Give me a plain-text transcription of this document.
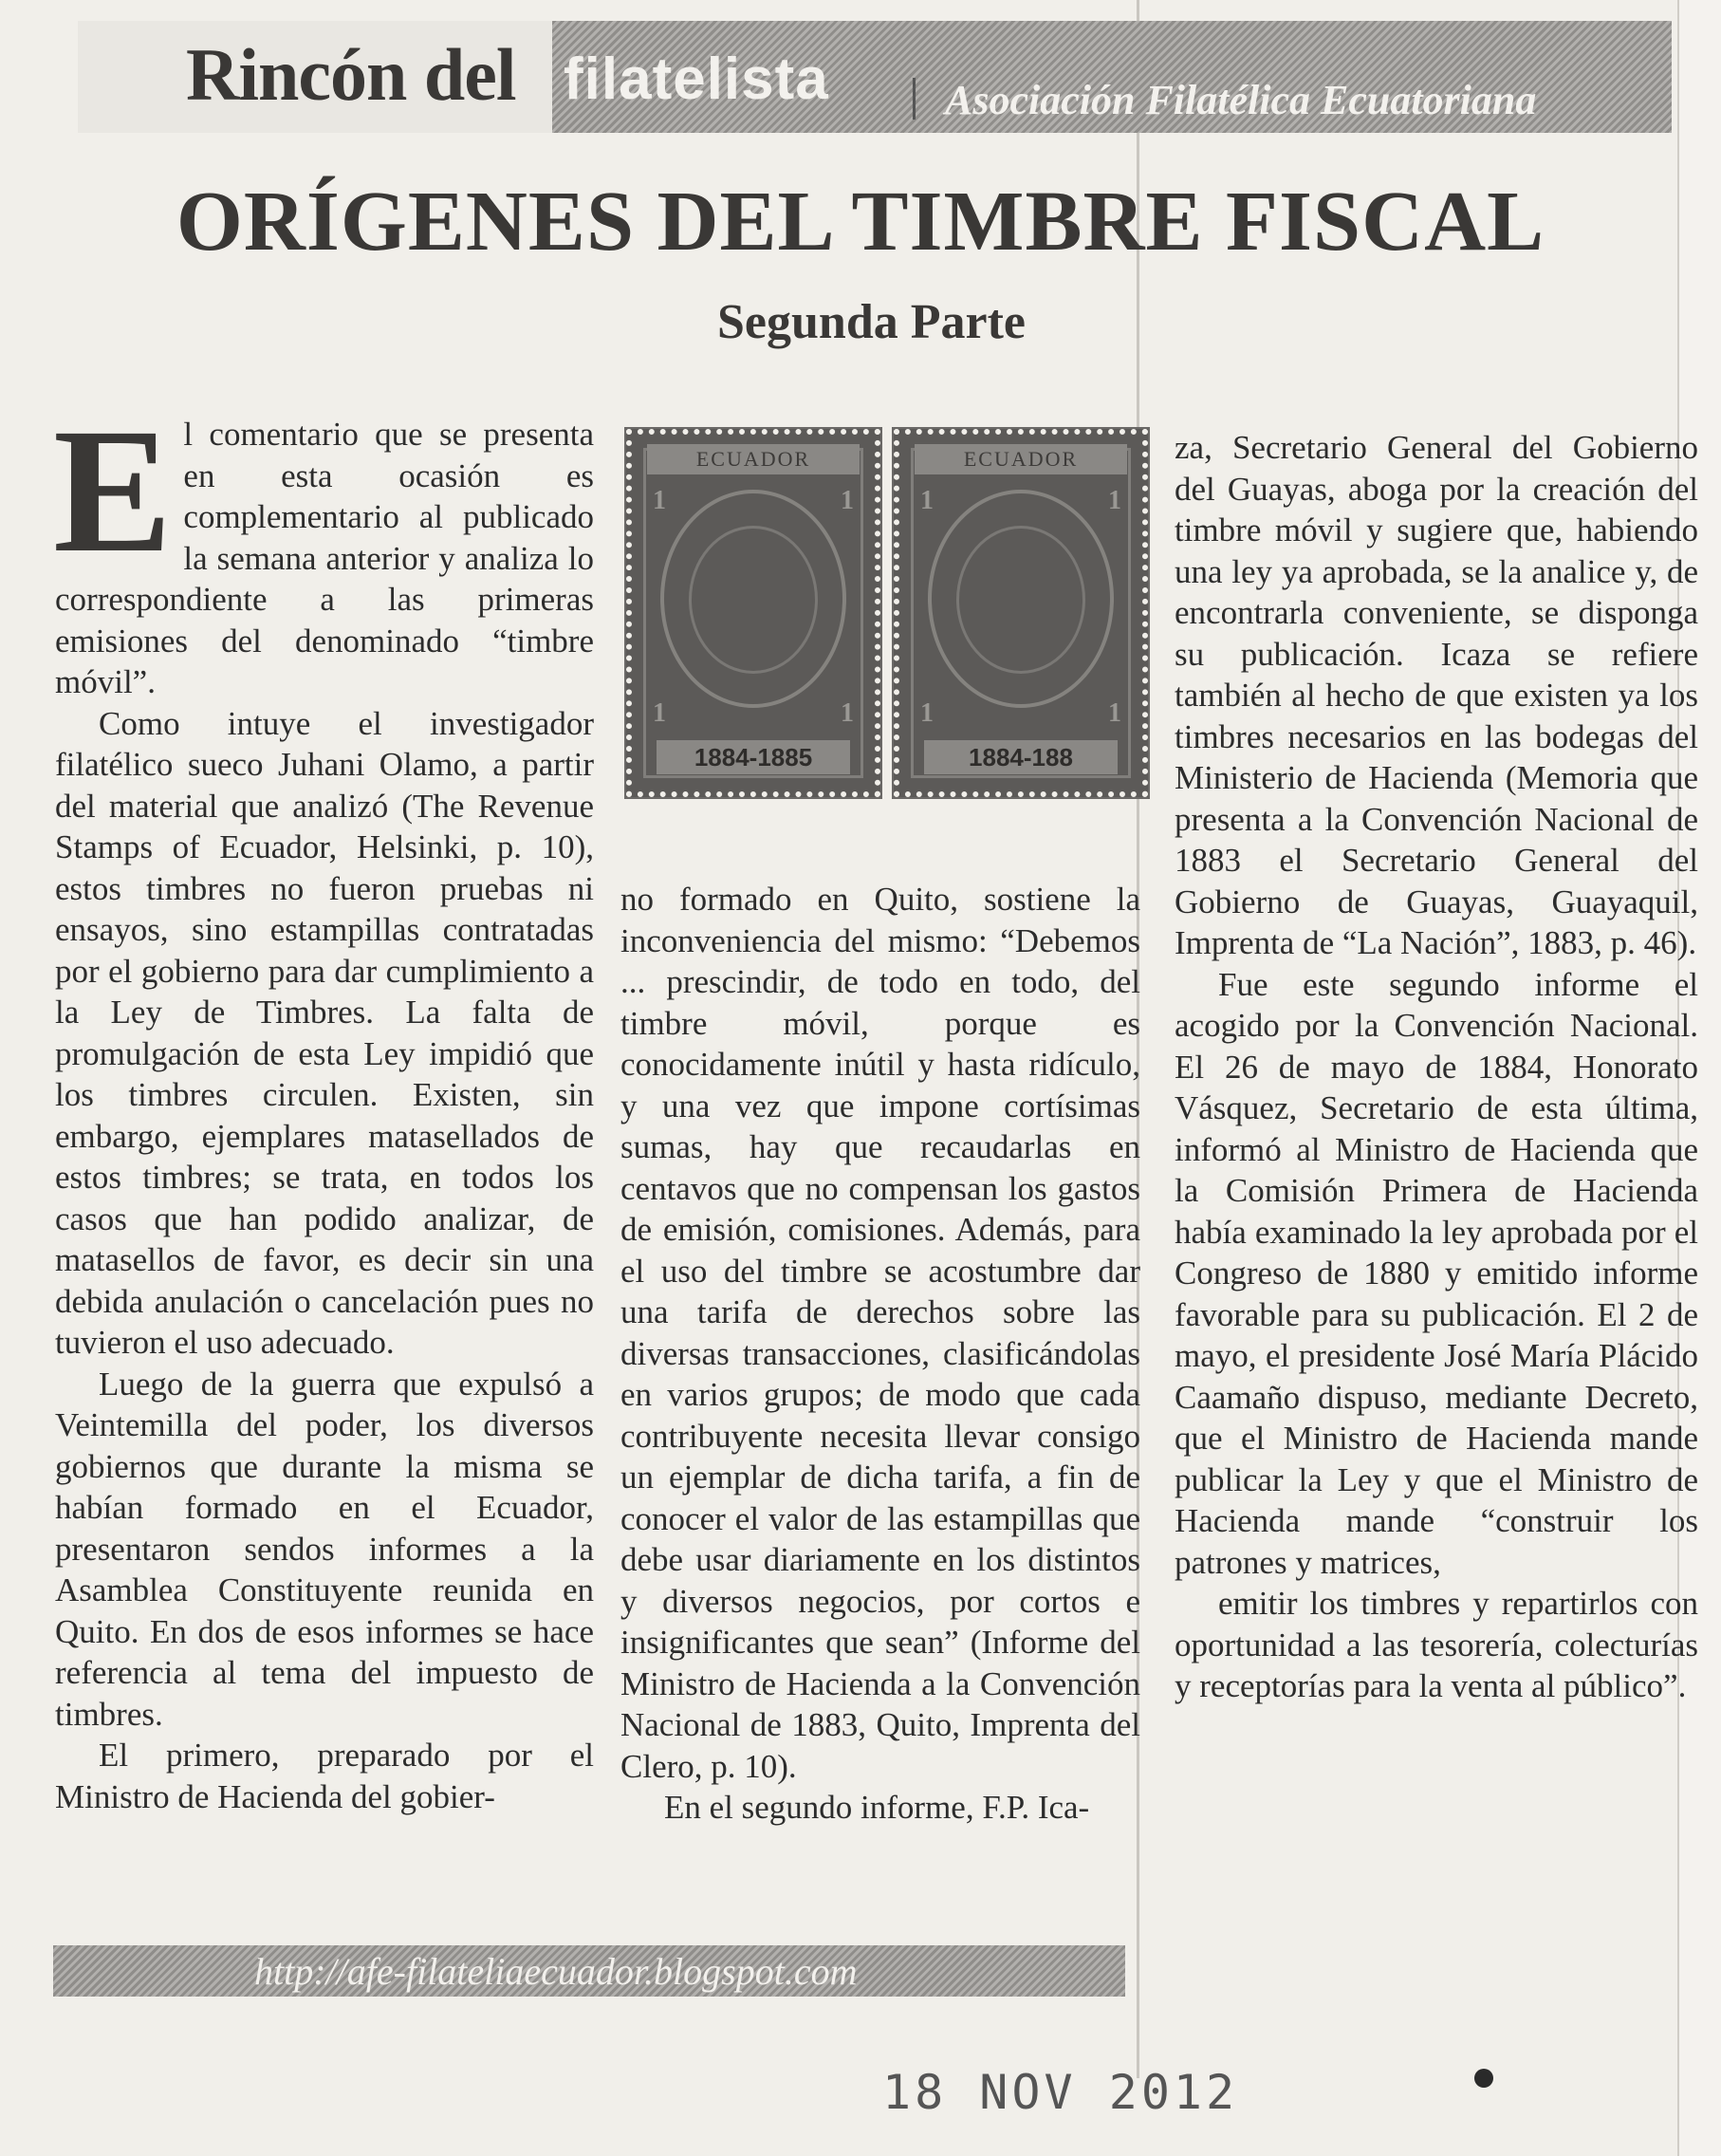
Rincón del filatelista	Asociación Filatélica Ecuatoriana
ORÍGENES DEL TIMBRE FISCAL
Segunda Parte
E l comentario que se presenta en esta ocasión es complementario al publicado la semana anterior y analiza lo correspondiente a las primeras emisiones del denominado “timbre móvil”.

Como intuye el investigador filatélico sueco Juhani Olamo, a partir del material que analizó (The Revenue Stamps of Ecuador, Helsinki, p. 10), estos timbres no fueron pruebas ni ensayos, sino estampillas contratadas por el gobierno para dar cumplimiento a la Ley de Timbres. La falta de promulgación de esta Ley impidió que los timbres circulen. Existen, sin embargo, ejemplares matasellados de estos timbres; se trata, en todos los casos que han podido analizar, de matasellos de favor, es decir sin una debida anulación o cancelación pues no tuvieron el uso adecuado.

Luego de la guerra que expulsó a Veintemilla del poder, los diversos gobiernos que durante la misma se habían formado en el Ecuador, presentaron sendos informes a la Asamblea Constituyente reunida en Quito. En dos de esos informes se hace referencia al tema del impuesto de timbres.

El primero, preparado por el Ministro de Hacienda del gobier-

ECUADOR
1	1
1	1
1884-1885
ECUADOR
1	1
1	1
1884-188

no formado en Quito, sostiene la inconveniencia del mismo: “Debemos ... prescindir, de todo en todo, del timbre móvil, porque es conocidamente inútil y hasta ridículo, y una vez que impone cortísimas sumas, hay que recaudarlas en centavos que no compensan los gastos de emisión, comisiones. Además, para el uso del timbre se acostumbre dar una tarifa de derechos sobre las diversas transacciones, clasificándolas en varios grupos; de modo que cada contribuyente necesita llevar consigo un ejemplar de dicha tarifa, a fin de conocer el valor de las estampillas que debe usar diariamente en los distintos y diversos negocios, por cortos e insignificantes que sean” (Informe del Ministro de Hacienda a la Convención Nacional de 1883, Quito, Imprenta del Clero, p. 10).

En el segundo informe, F.P. Ica-

za, Secretario General del Gobierno del Guayas, aboga por la creación del timbre móvil y sugiere que, habiendo una ley ya aprobada, se la analice y, de encontrarla conveniente, se disponga su publicación. Icaza se refiere también al hecho de que existen ya los timbres necesarios en las bodegas del Ministerio de Hacienda (Memoria que presenta a la Convención Nacional de 1883 el Secretario General del Gobierno de Guayas, Guayaquil, Imprenta de “La Nación”, 1883, p. 46).

Fue este segundo informe el acogido por la Convención Nacional. El 26 de mayo de 1884, Honorato Vásquez, Secretario de esta última, informó al Ministro de Hacienda que la Comisión Primera de Hacienda había examinado la ley aprobada por el Congreso de 1880 y emitido informe favorable para su publicación. El 2 de mayo, el presidente José María Plácido Caamaño dispuso, mediante Decreto, que el Ministro de Hacienda mande publicar la Ley y que el Ministro de Hacienda mande “construir los patrones y matrices,

emitir los timbres y repartirlos con oportunidad a las tesorería, colecturías y receptorías para la venta al público”.

http://afe-filateliaecuador.blogspot.com
18 NOV 2012
